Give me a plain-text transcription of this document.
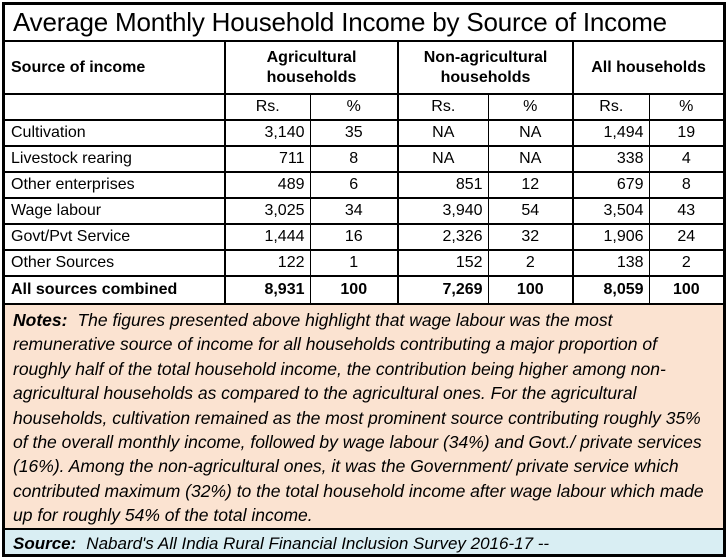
Average Monthly Household Income by Source of Income
Source of income	Agricultural households		Non-agricultural households		All households	
	Rs.	%	Rs.	%	Rs.	%
Cultivation	3,140	35	NA	NA	1,494	19
Livestock rearing	711	8	NA	NA	338	4
Other enterprises	489	6	851	12	679	8
Wage labour	3,025	34	3,940	54	3,504	43
Govt/Pvt Service	1,444	16	2,326	32	1,906	24
Other Sources	122	1	152	2	138	2
All sources combined	8,931	100	7,269	100	8,059	100
Notes: The figures presented above highlight that wage labour was the most remunerative source of income for all households contributing a major proportion of roughly half of the total household income, the contribution being higher among non-agricultural households as compared to the agricultural ones. For the agricultural households, cultivation remained as the most prominent source contributing roughly 35% of the overall monthly income, followed by wage labour (34%) and Govt./ private services (16%). Among the non-agricultural ones, it was the Government/ private service which contributed maximum (32%) to the total household income after wage labour which made up for roughly 54% of the total income.
Source: Nabard's All India Rural Financial Inclusion Survey 2016-17 --
